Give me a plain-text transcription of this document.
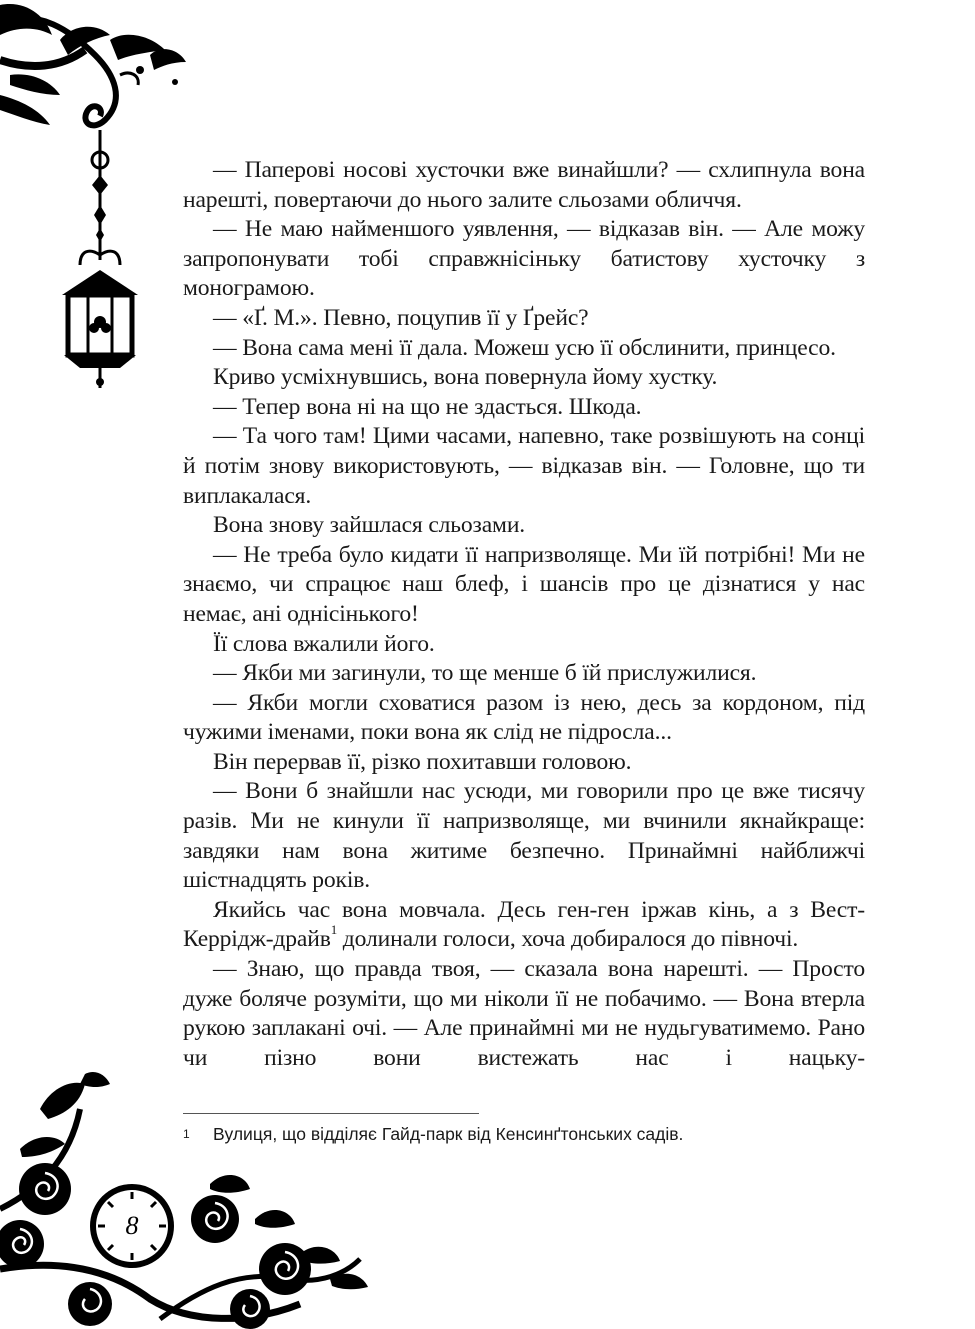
8

— Паперові носові хусточки вже винайшли? — схлипнула вона нарешті, повертаючи до нього залите сльозами обличчя.

— Не маю найменшого уявлення, — відказав він. — Але можу запропонувати тобі справжнісіньку батистову хусточку з монограмою.

— «Ґ. М.». Певно, поцупив її у Ґрейс?

— Вона сама мені її дала. Можеш усю її обслинити, принцесо.

Криво усміхнувшись, вона повернула йому хустку.

— Тепер вона ні на що не здасться. Шкода.

— Та чого там! Цими часами, напевно, таке розвішують на сонці й потім знову використовують, — відказав він. — Головне, що ти виплакалася.

Вона знову зайшлася сльозами.

— Не треба було кидати її напризволяще. Ми їй потрібні! Ми не знаємо, чи спрацює наш блеф, і шансів про це дізнатися у нас немає, ані однісінького!

Її слова вжалили його.

— Якби ми загинули, то ще менше б їй прислужилися.

— Якби могли сховатися разом із нею, десь за кордоном, під чужими іменами, поки вона як слід не підросла...

Він перервав її, різко похитавши головою.

— Вони б знайшли нас усюди, ми говорили про це вже тисячу разів. Ми не кинули її напризволяще, ми вчинили якнайкраще: завдяки нам вона житиме безпечно. Принаймні найближчі шістнадцять років.

Якийсь час вона мовчала. Десь ген-ген іржав кінь, а з Вест-Керрідж-драйв$^1$ долинали голоси, хоча добиралося до півночі.

— Знаю, що правда твоя, — сказала вона нарешті. — Просто дуже боляче розуміти, що ми ніколи її не побачимо. — Вона втерла рукою заплакані очі. — Але принаймні ми не нудьгуватимемо. Рано чи пізно вони вистежать нас і нацьку-

1 Вулиця, що відділяє Гайд-парк від Кенсинґтонських садів.
